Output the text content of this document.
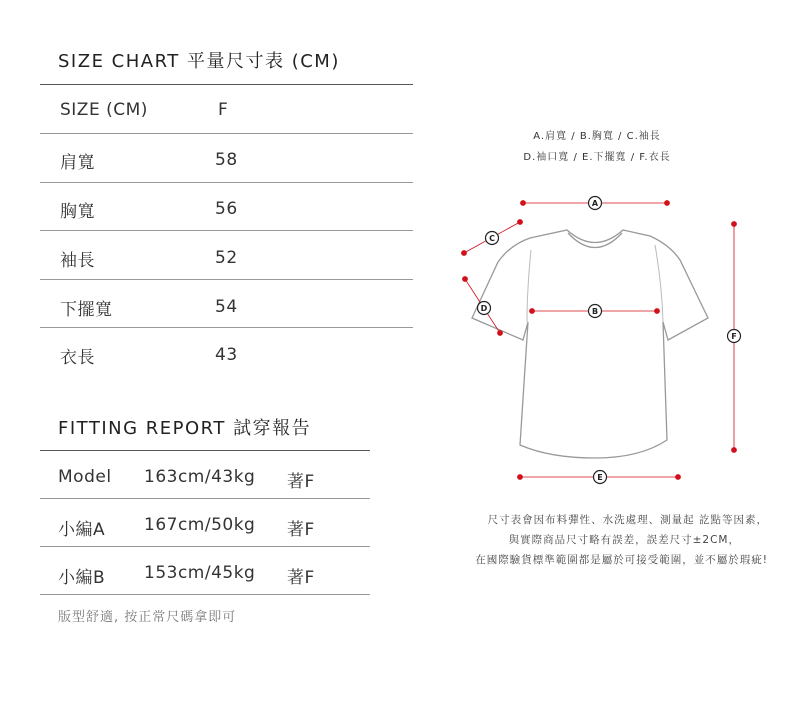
SIZE CHART 平量尺寸表 (CM)
SIZE (CM)	F
肩寬	58
胸寬	56
袖長	52
下擺寬	54
衣長	43
FITTING REPORT 試穿報告
Model 163cm/43kg 著F
小編A 167cm/50kg 著F
小編B 153cm/45kg 著F
版型舒適, 按正常尺碼拿即可
A.肩寬 / B.胸寬 / C.袖長
D.袖口寬 / E.下擺寬 / F.衣長
A
B
C
D
E
F
尺寸表會因布料彈性、水洗處理、測量起 訖點等因素，
與實際商品尺寸略有誤差，誤差尺寸±2CM，
在國際驗貨標準範圍都是屬於可接受範圍，並不屬於瑕疵!
